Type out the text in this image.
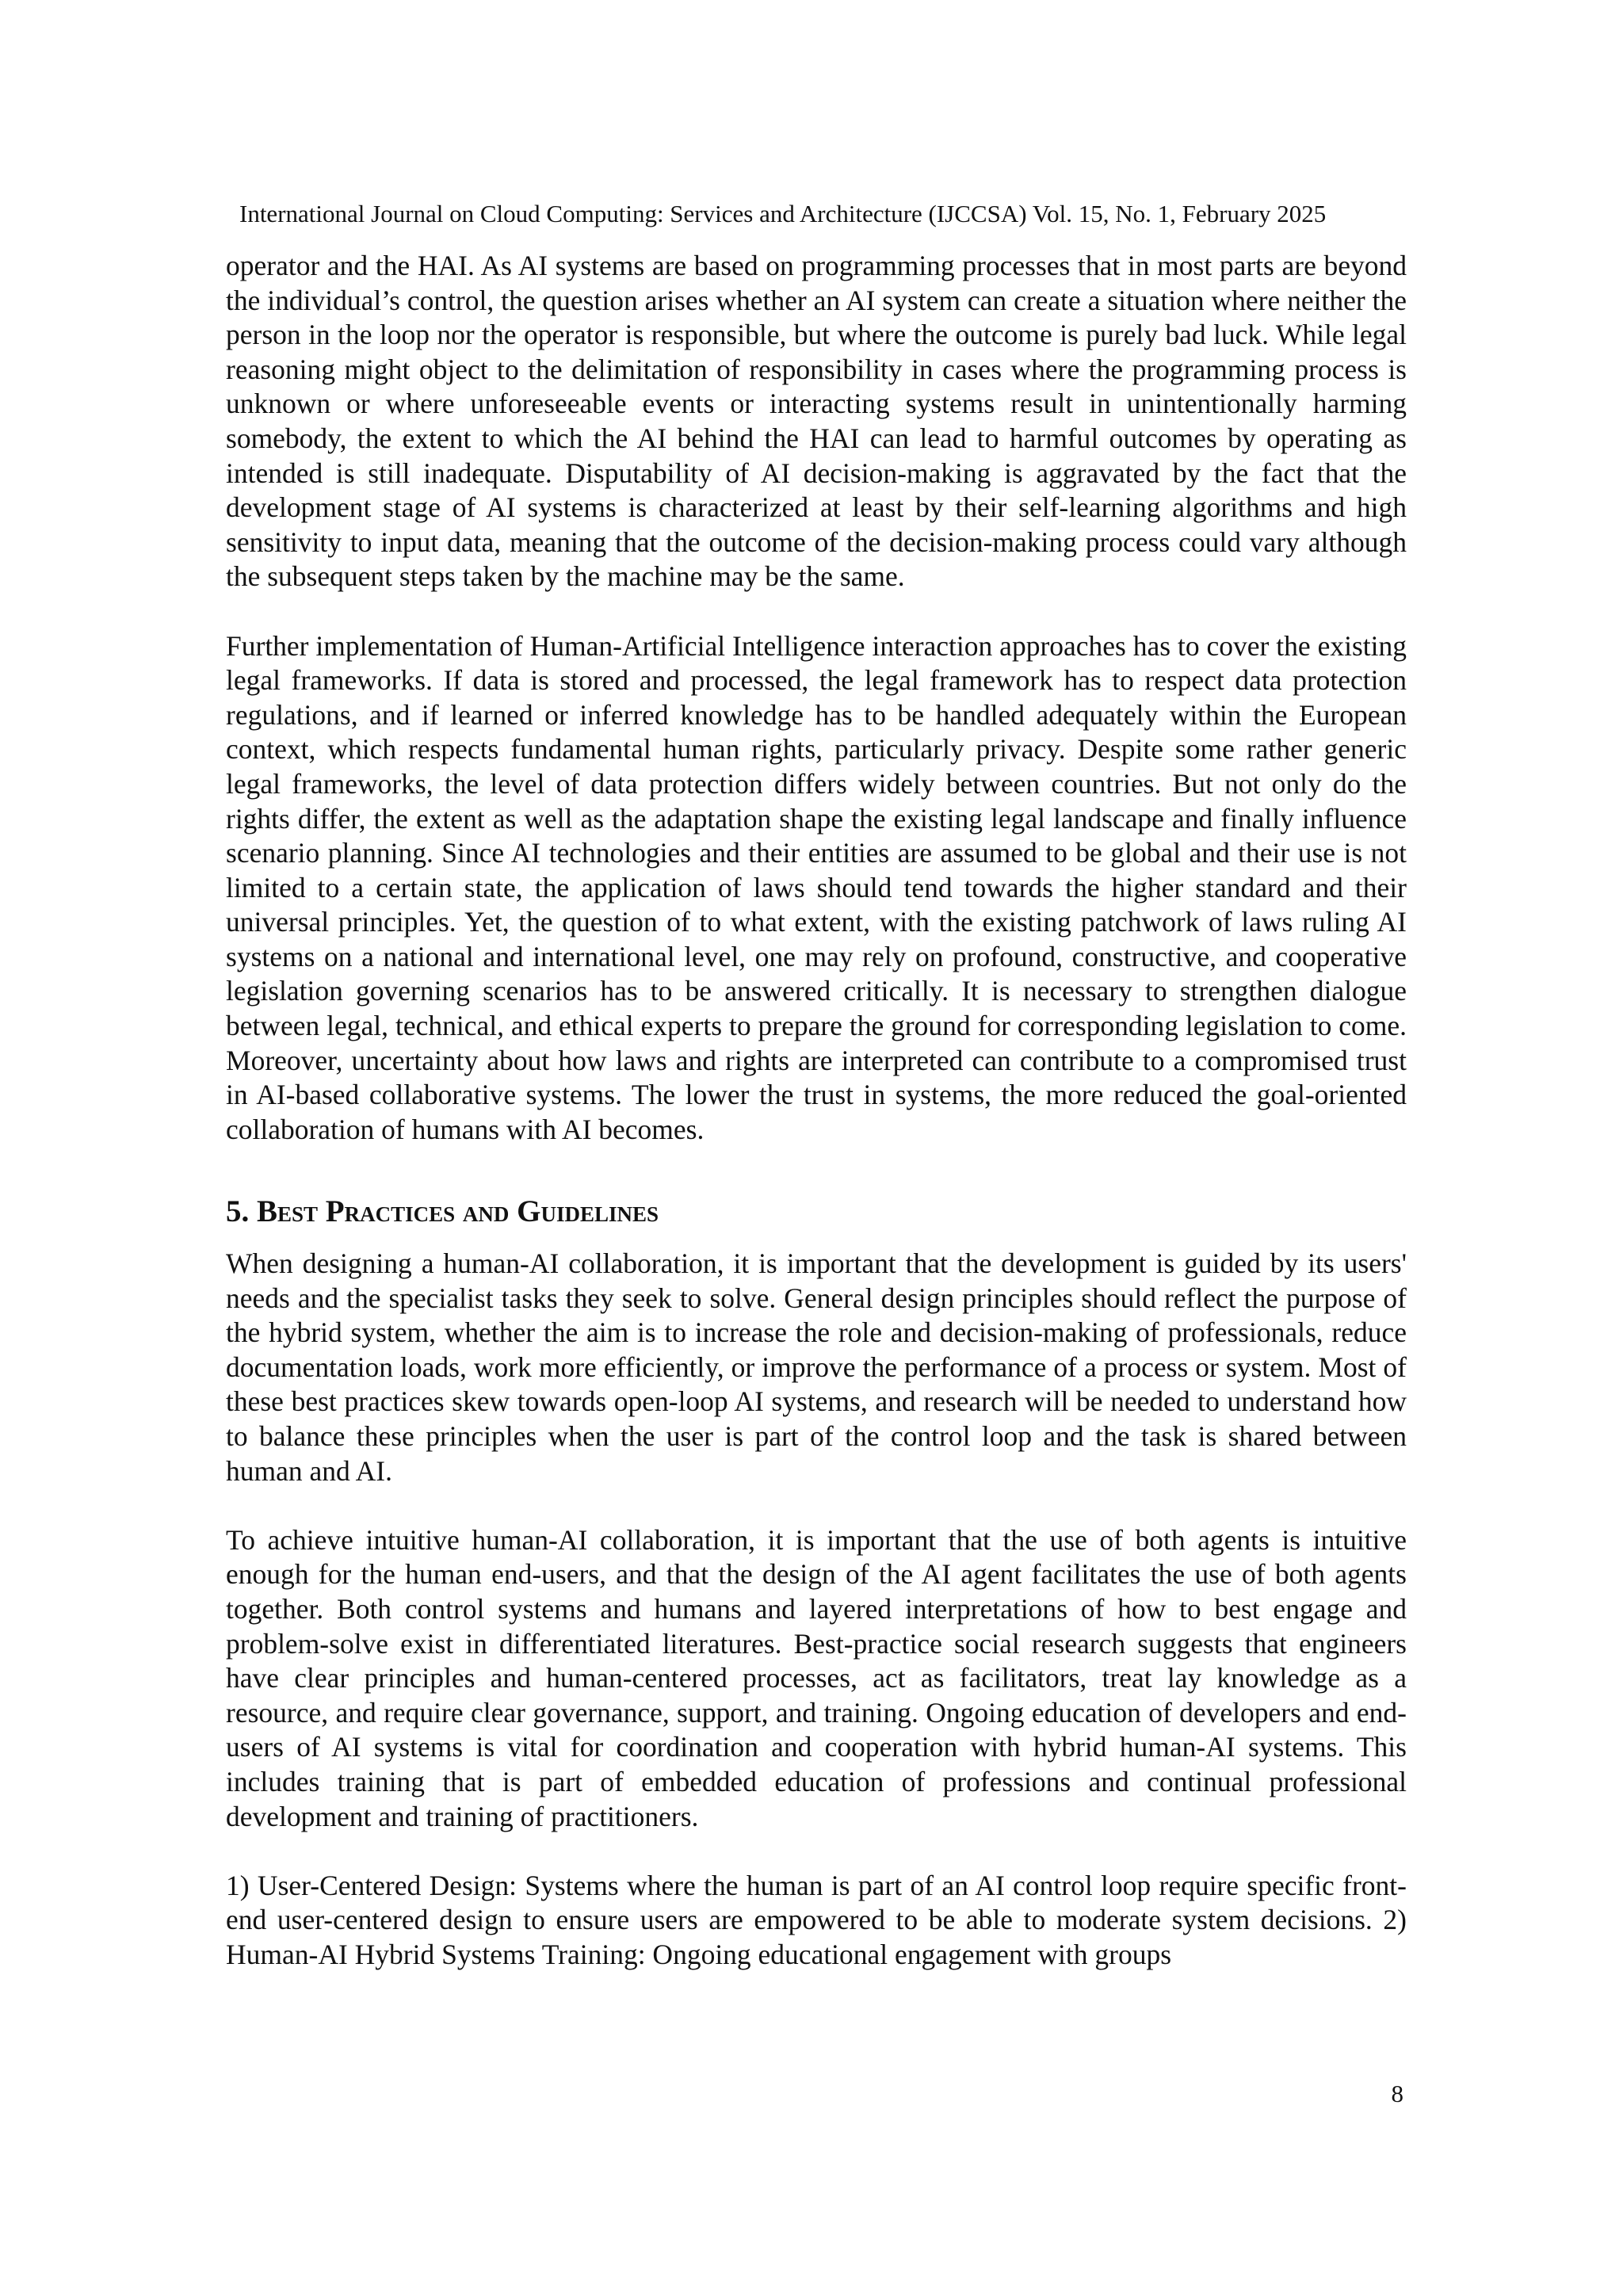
International Journal on Cloud Computing: Services and Architecture (IJCCSA) Vol. 15, No. 1, February 2025

operator and the HAI. As AI systems are based on programming processes that in most parts are beyond the individual’s control, the question arises whether an AI system can create a situation where neither the person in the loop nor the operator is responsible, but where the outcome is purely bad luck. While legal reasoning might object to the delimitation of responsibility in cases where the programming process is unknown or where unforeseeable events or interacting systems result in unintentionally harming somebody, the extent to which the AI behind the HAI can lead to harmful outcomes by operating as intended is still inadequate. Disputability of AI decision-making is aggravated by the fact that the development stage of AI systems is characterized at least by their self-learning algorithms and high sensitivity to input data, meaning that the outcome of the decision-making process could vary although the subsequent steps taken by the machine may be the same.

Further implementation of Human-Artificial Intelligence interaction approaches has to cover the existing legal frameworks. If data is stored and processed, the legal framework has to respect data protection regulations, and if learned or inferred knowledge has to be handled adequately within the European context, which respects fundamental human rights, particularly privacy. Despite some rather generic legal frameworks, the level of data protection differs widely between countries. But not only do the rights differ, the extent as well as the adaptation shape the existing legal landscape and finally influence scenario planning. Since AI technologies and their entities are assumed to be global and their use is not limited to a certain state, the application of laws should tend towards the higher standard and their universal principles. Yet, the question of to what extent, with the existing patchwork of laws ruling AI systems on a national and international level, one may rely on profound, constructive, and cooperative legislation governing scenarios has to be answered critically. It is necessary to strengthen dialogue between legal, technical, and ethical experts to prepare the ground for corresponding legislation to come. Moreover, uncertainty about how laws and rights are interpreted can contribute to a compromised trust in AI-based collaborative systems. The lower the trust in systems, the more reduced the goal-oriented collaboration of humans with AI becomes.

5. Best Practices and Guidelines

When designing a human-AI collaboration, it is important that the development is guided by its users' needs and the specialist tasks they seek to solve. General design principles should reflect the purpose of the hybrid system, whether the aim is to increase the role and decision-making of professionals, reduce documentation loads, work more efficiently, or improve the performance of a process or system. Most of these best practices skew towards open-loop AI systems, and research will be needed to understand how to balance these principles when the user is part of the control loop and the task is shared between human and AI.

To achieve intuitive human-AI collaboration, it is important that the use of both agents is intuitive enough for the human end-users, and that the design of the AI agent facilitates the use of both agents together. Both control systems and humans and layered interpretations of how to best engage and problem-solve exist in differentiated literatures. Best-practice social research suggests that engineers have clear principles and human-centered processes, act as facilitators, treat lay knowledge as a resource, and require clear governance, support, and training. Ongoing education of developers and end-users of AI systems is vital for coordination and cooperation with hybrid human-AI systems. This includes training that is part of embedded education of professions and continual professional development and training of practitioners.

1) User-Centered Design: Systems where the human is part of an AI control loop require specific front-end user-centered design to ensure users are empowered to be able to moderate system decisions. 2) Human-AI Hybrid Systems Training: Ongoing educational engagement with groups

8
